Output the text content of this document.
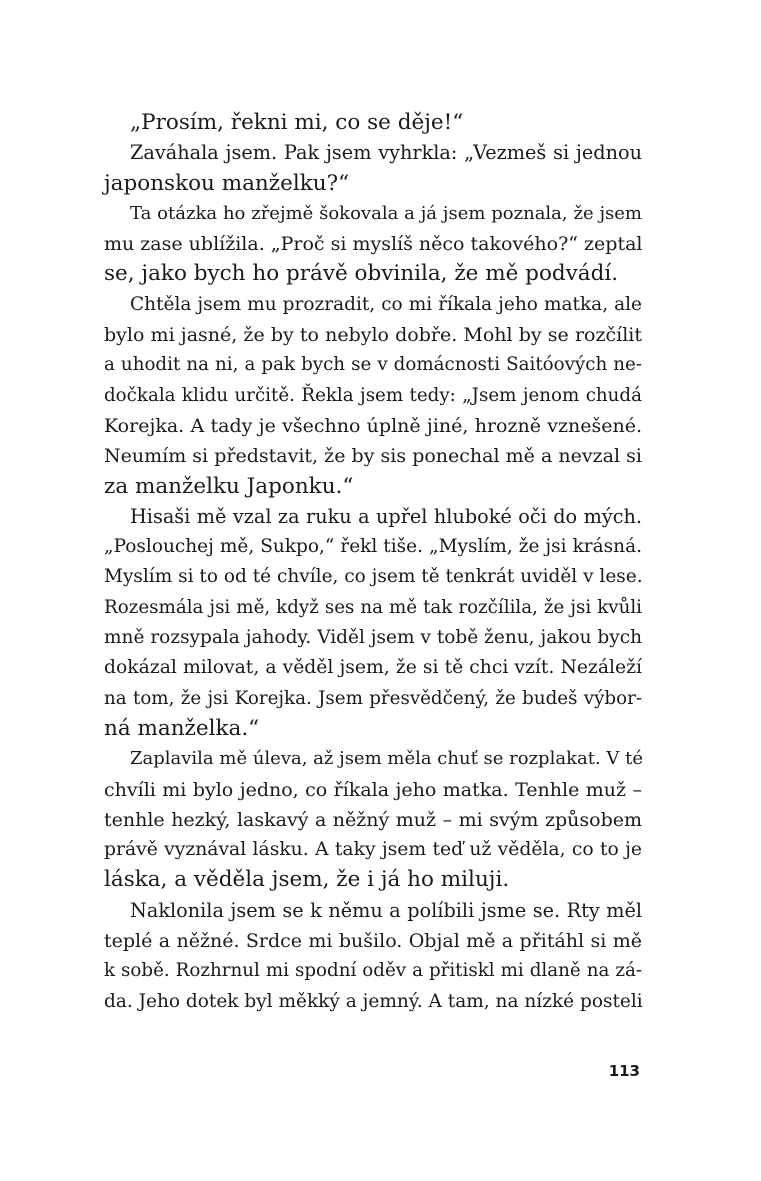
„Prosím, řekni mi, co se děje!“
Zaváhala jsem. Pak jsem vyhrkla: „Vezmeš si jednou
japonskou manželku?“
Ta otázka ho zřejmě šokovala a já jsem poznala, že jsem
mu zase ublížila. „Proč si myslíš něco takového?“ zeptal
se, jako bych ho právě obvinila, že mě podvádí.
Chtěla jsem mu prozradit, co mi říkala jeho matka, ale
bylo mi jasné, že by to nebylo dobře. Mohl by se rozčílit
a uhodit na ni, a pak bych se v domácnosti Saitóových ne-
dočkala klidu určitě. Řekla jsem tedy: „Jsem jenom chudá
Korejka. A tady je všechno úplně jiné, hrozně vznešené.
Neumím si představit, že by sis ponechal mě a nevzal si
za manželku Japonku.“
Hisaši mě vzal za ruku a upřel hluboké oči do mých.
„Poslouchej mě, Sukpo,“ řekl tiše. „Myslím, že jsi krásná.
Myslím si to od té chvíle, co jsem tě tenkrát uviděl v lese.
Rozesmála jsi mě, když ses na mě tak rozčílila, že jsi kvůli
mně rozsypala jahody. Viděl jsem v tobě ženu, jakou bych
dokázal milovat, a věděl jsem, že si tě chci vzít. Nezáleží
na tom, že jsi Korejka. Jsem přesvědčený, že budeš výbor-
ná manželka.“
Zaplavila mě úleva, až jsem měla chuť se rozplakat. V té
chvíli mi bylo jedno, co říkala jeho matka. Tenhle muž –
tenhle hezký, laskavý a něžný muž – mi svým způsobem
právě vyznával lásku. A taky jsem teď už věděla, co to je
láska, a věděla jsem, že i já ho miluji.
Naklonila jsem se k němu a políbili jsme se. Rty měl
teplé a něžné. Srdce mi bušilo. Objal mě a přitáhl si mě
k sobě. Rozhrnul mi spodní oděv a přitiskl mi dlaně na zá-
da. Jeho dotek byl měkký a jemný. A tam, na nízké posteli
113
